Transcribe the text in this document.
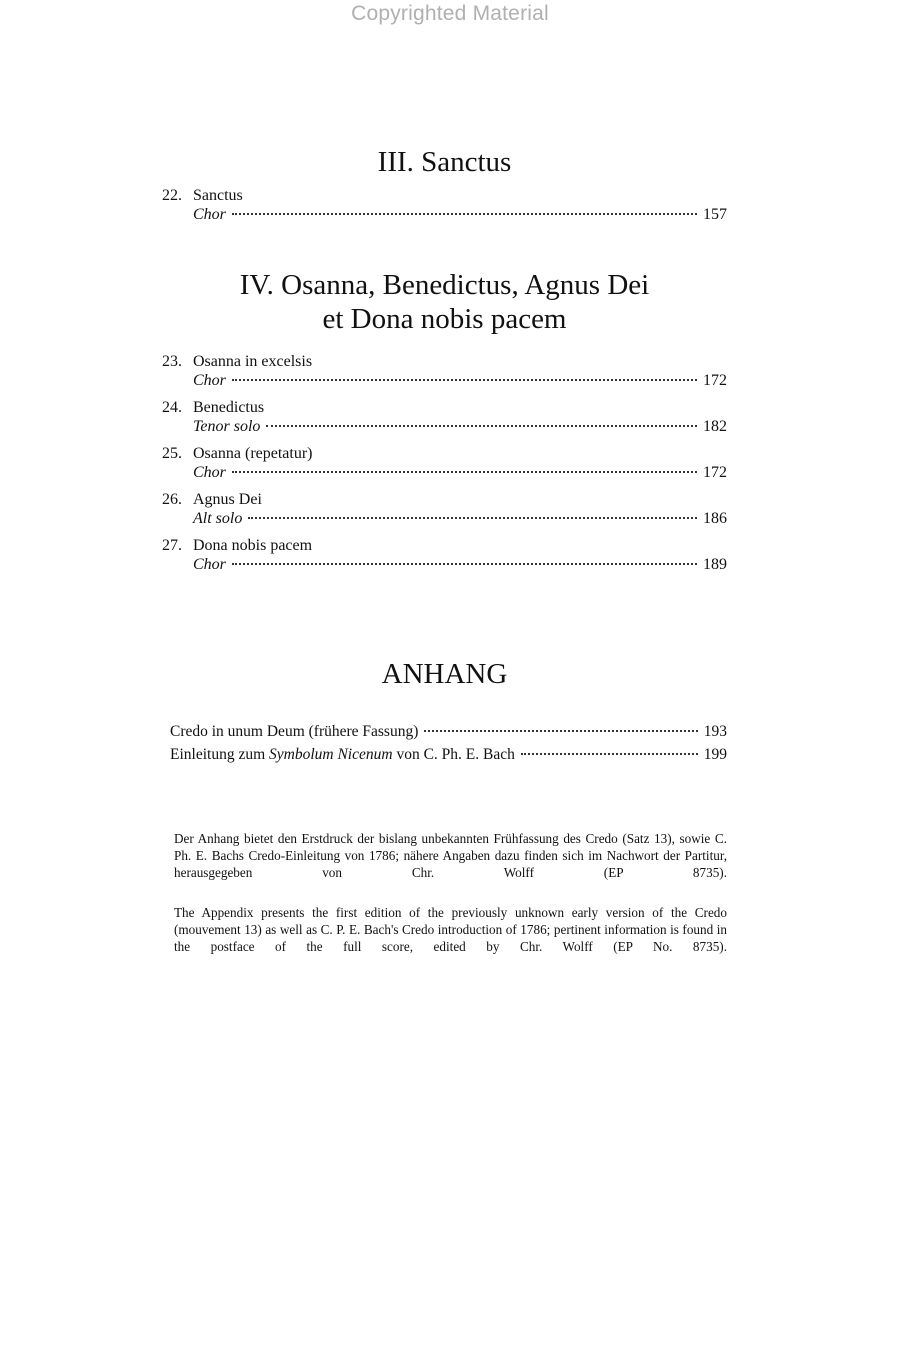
Copyrighted Material
III. Sanctus
22. Sanctus
Chor	157
IV. Osanna, Benedictus, Agnus Dei
et Dona nobis pacem
23. Osanna in excelsis
Chor	172
24. Benedictus
Tenor solo	182
25. Osanna (repetatur)
Chor	172
26. Agnus Dei
Alt solo	186
27. Dona nobis pacem
Chor	189
ANHANG
Credo in unum Deum (frühere Fassung)	193
Einleitung zum Symbolum Nicenum von C. Ph. E. Bach	199

Der Anhang bietet den Erstdruck der bislang unbekannten Frühfassung des Credo (Satz 13), sowie C. Ph. E. Bachs Credo-Einleitung von 1786; nähere Angaben dazu finden sich im Nachwort der Partitur, herausgegeben von Chr. Wolff (EP 8735).

The Appendix presents the first edition of the previously unknown early version of the Credo (mouvement 13) as well as C. P. E. Bach's Credo introduction of 1786; pertinent information is found in the postface of the full score, edited by Chr. Wolff (EP No. 8735).
